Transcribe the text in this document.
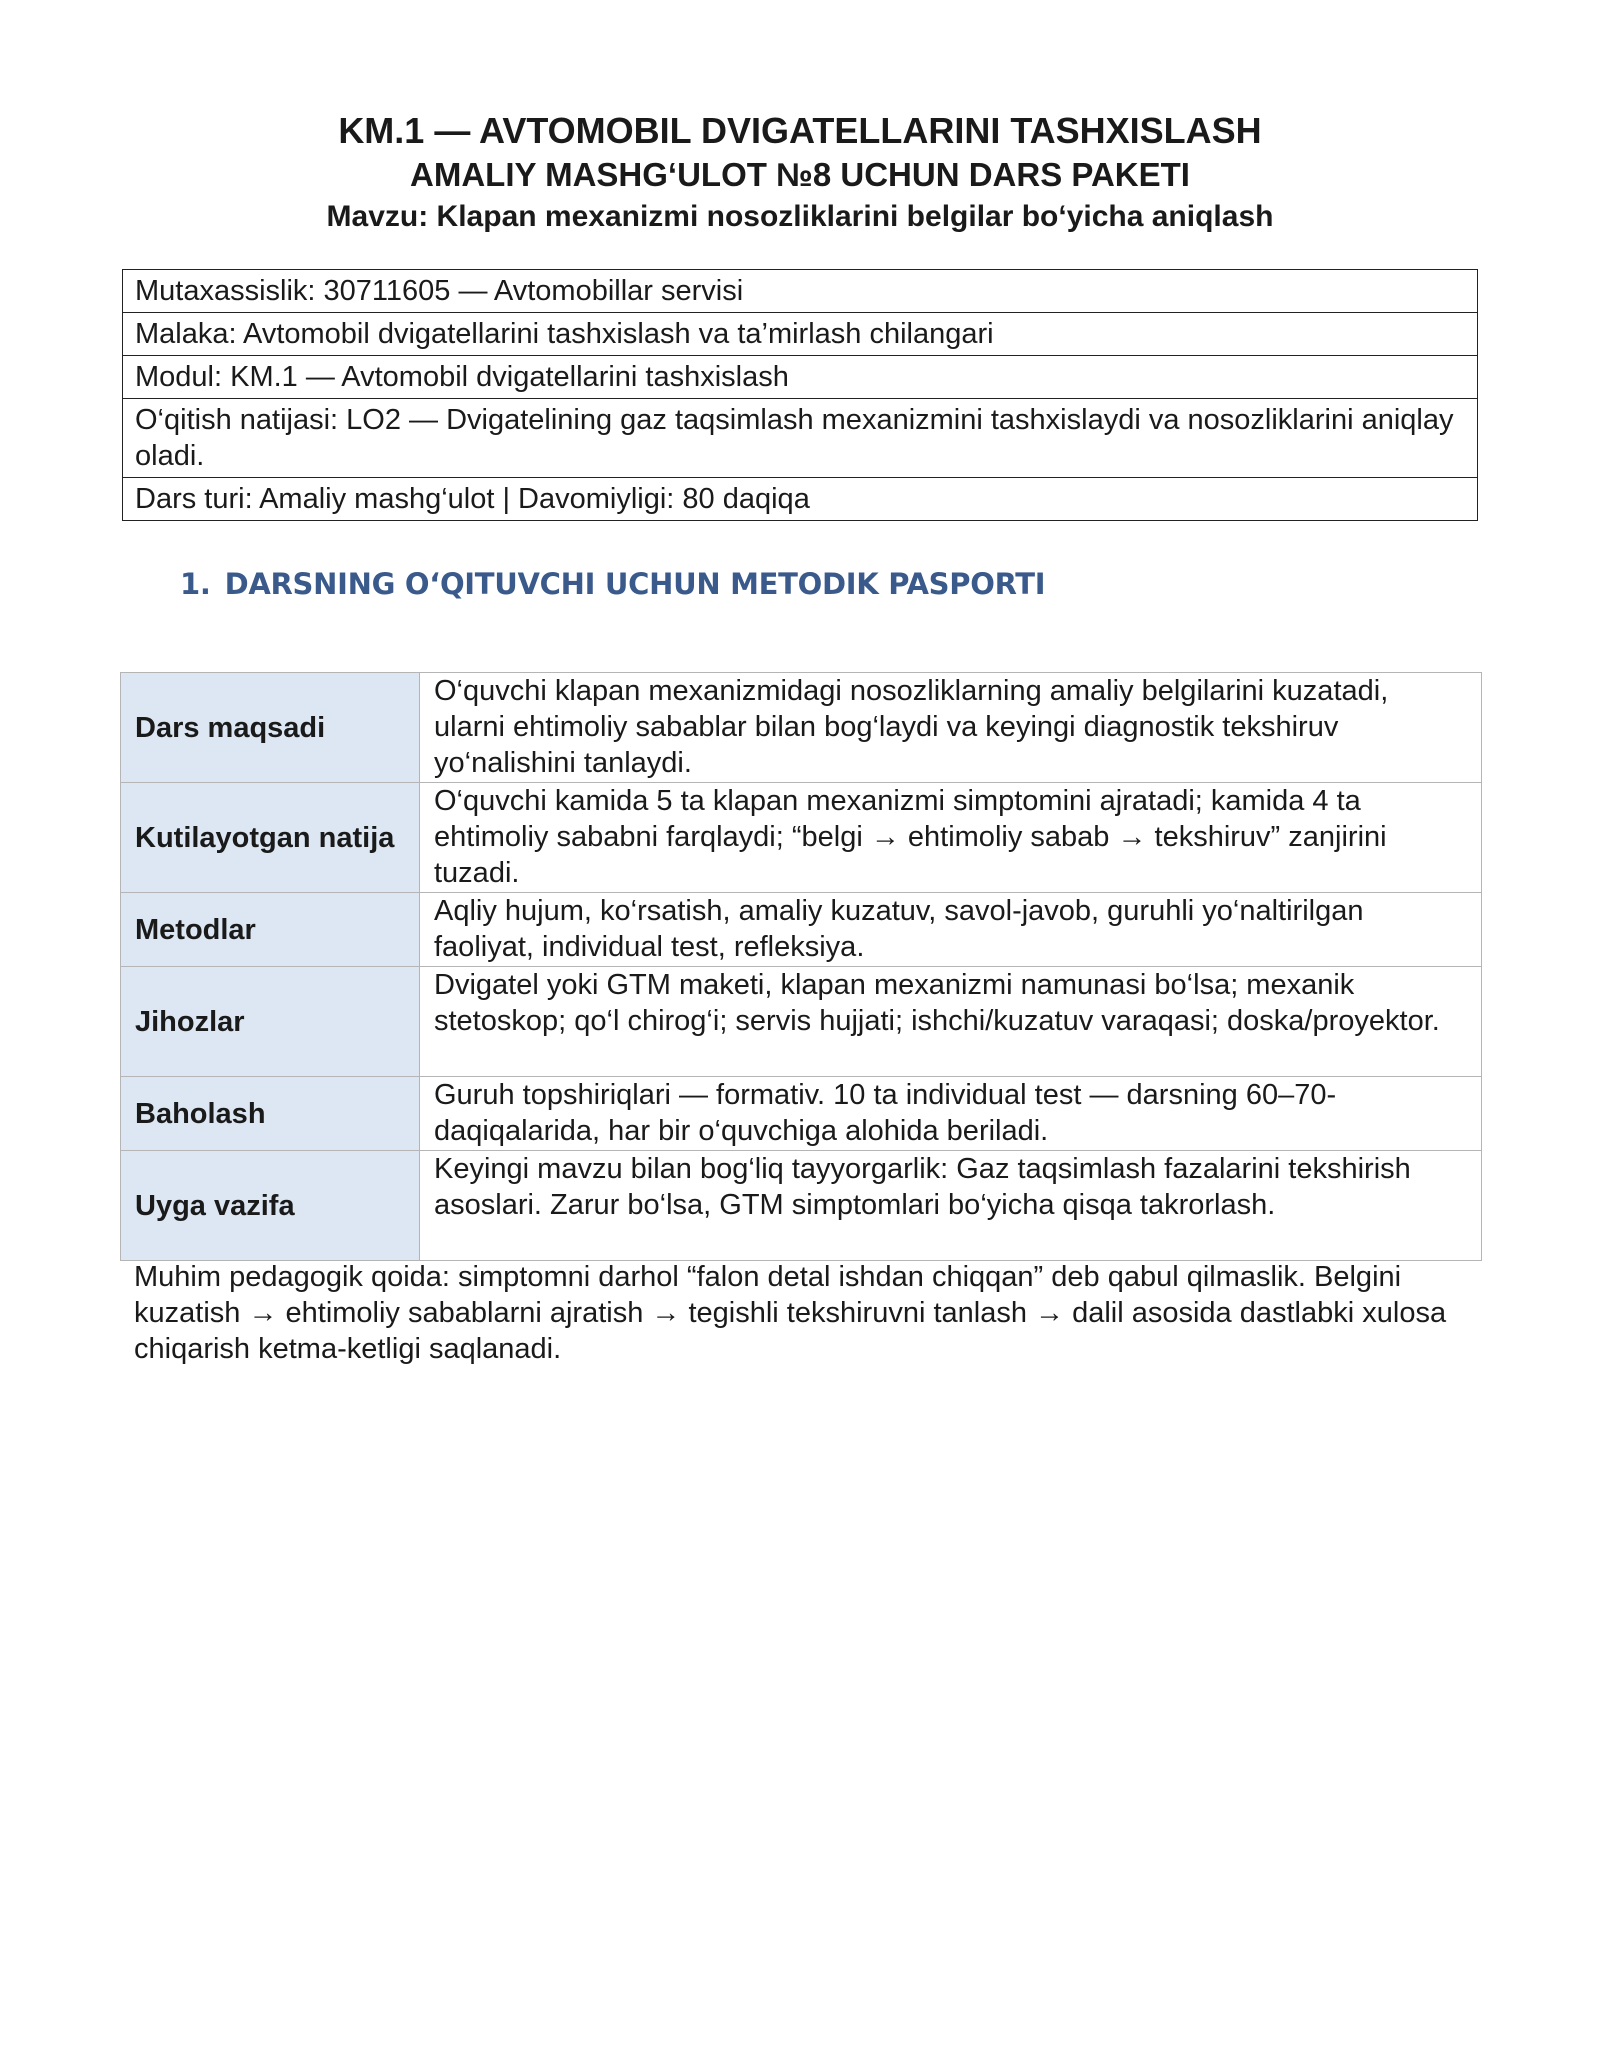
KM.1 — AVTOMOBIL DVIGATELLARINI TASHXISLASH

AMALIY MASHG‘ULOT №8 UCHUN DARS PAKETI

Mavzu: Klapan mexanizmi nosozliklarini belgilar bo‘yicha aniqlash

Mutaxassislik: 30711605 — Avtomobillar servisi
Malaka: Avtomobil dvigatellarini tashxislash va ta’mirlash chilangari
Modul: KM.1 — Avtomobil dvigatellarini tashxislash
O‘qitish natijasi: LO2 — Dvigatelining gaz taqsimlash mexanizmini tashxislaydi va nosozliklarini aniqlay oladi.
Dars turi: Amaliy mashg‘ulot | Davomiyligi: 80 daqiqa
1. DARSNING O‘QITUVCHI UCHUN METODIK PASPORTI
Dars maqsadi	O‘quvchi klapan mexanizmidagi nosozliklarning amaliy belgilarini kuzatadi, ularni ehtimoliy sabablar bilan bog‘laydi va keyingi diagnostik tekshiruv yo‘nalishini tanlaydi.
Kutilayotgan natija	O‘quvchi kamida 5 ta klapan mexanizmi simptomini ajratadi; kamida 4 ta ehtimoliy sababni farqlaydi; “belgi → ehtimoliy sabab → tekshiruv” zanjirini tuzadi.
Metodlar	Aqliy hujum, ko‘rsatish, amaliy kuzatuv, savol-javob, guruhli yo‘naltirilgan faoliyat, individual test, refleksiya.
Jihozlar	Dvigatel yoki GTM maketi, klapan mexanizmi namunasi bo‘lsa; mexanik stetoskop; qo‘l chirog‘i; servis hujjati; ishchi/kuzatuv varaqasi; doska/proyektor.
Baholash	Guruh topshiriqlari — formativ. 10 ta individual test — darsning 60–70-daqiqalarida, har bir o‘quvchiga alohida beriladi.
Uyga vazifa	Keyingi mavzu bilan bog‘liq tayyorgarlik: Gaz taqsimlash fazalarini tekshirish asoslari. Zarur bo‘lsa, GTM simptomlari bo‘yicha qisqa takrorlash.

Muhim pedagogik qoida: simptomni darhol “falon detal ishdan chiqqan” deb qabul qilmaslik. Belgini kuzatish → ehtimoliy sabablarni ajratish → tegishli tekshiruvni tanlash → dalil asosida dastlabki xulosa chiqarish ketma-ketligi saqlanadi.
